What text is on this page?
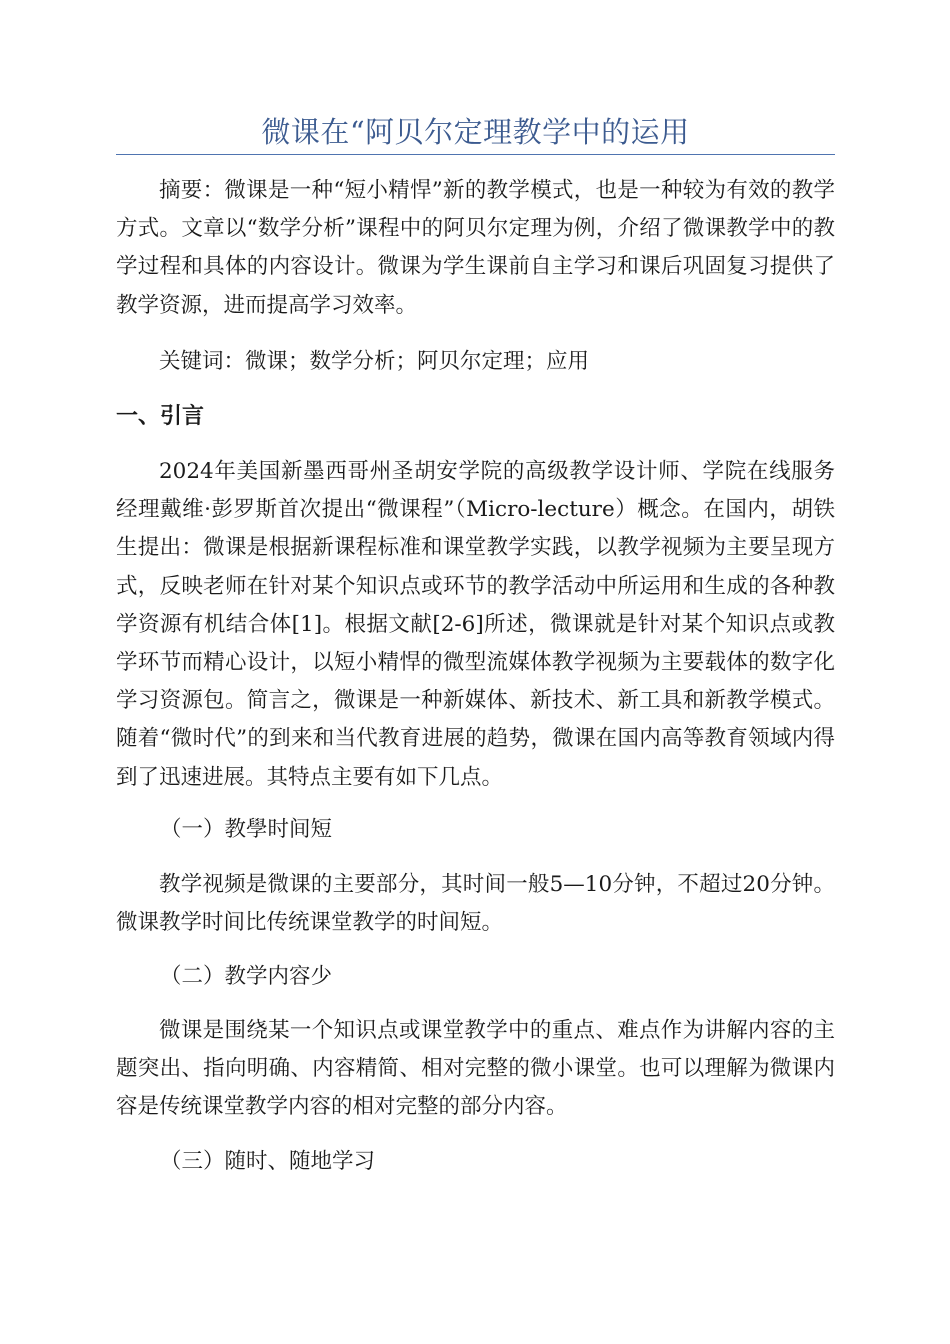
微课在“阿贝尔定理教学中的运用
摘要：微课是一种“短小精悍”新的教学模式，也是一种较为有效的教学方式。文章以“数学分析”课程中的阿贝尔定理为例，介绍了微课教学中的教学过程和具体的内容设计。微课为学生课前自主学习和课后巩固复习提供了教学资源，进而提高学习效率。
关键词：微课；数学分析；阿贝尔定理；应用
一、引言
2024年美国新墨西哥州圣胡安学院的高级教学设计师、学院在线服务经理戴维·彭罗斯首次提出“微课程”（Micro-lecture）概念。在国内，胡铁生提出：微课是根据新课程标准和课堂教学实践，以教学视频为主要呈现方式，反映老师在针对某个知识点或环节的教学活动中所运用和生成的各种教学资源有机结合体[1]。根据文献[2-6]所述，微课就是针对某个知识点或教学环节而精心设计，以短小精悍的微型流媒体教学视频为主要载体的数字化学习资源包。简言之，微课是一种新媒体、新技术、新工具和新教学模式。随着“微时代”的到来和当代教育进展的趋势，微课在国内高等教育领域内得到了迅速进展。其特点主要有如下几点。
（一）教學时间短
教学视频是微课的主要部分，其时间一般5—10分钟，不超过20分钟。微课教学时间比传统课堂教学的时间短。
（二）教学内容少
微课是围绕某一个知识点或课堂教学中的重点、难点作为讲解内容的主题突出、指向明确、内容精简、相对完整的微小课堂。也可以理解为微课内容是传统课堂教学内容的相对完整的部分内容。
（三）随时、随地学习
